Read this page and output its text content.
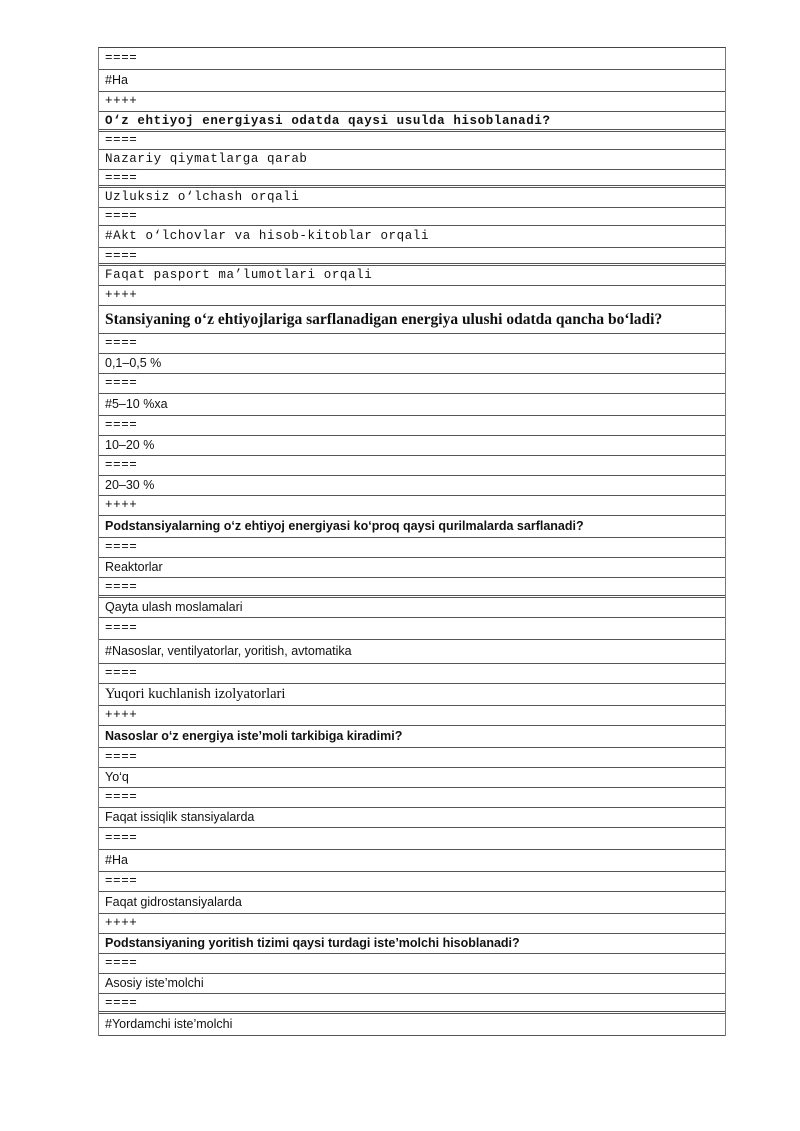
====
#Ha
++++
O‘z ehtiyoj energiyasi odatda qaysi usulda hisoblanadi?
====
Nazariy qiymatlarga qarab
====
Uzluksiz o‘lchash orqali
====
#Akt o‘lchovlar va hisob-kitoblar orqali
====
Faqat pasport ma’lumotlari orqali
++++
Stansiyaning o‘z ehtiyojlariga sarflanadigan energiya ulushi odatda qancha bo‘ladi?
====
0,1–0,5 %
====
#5–10 %xa
====
10–20 %
====
20–30 %
++++
Podstansiyalarning o‘z ehtiyoj energiyasi ko‘proq qaysi qurilmalarda sarflanadi?
====
Reaktorlar
====
Qayta ulash moslamalari
====
#Nasoslar, ventilyatorlar, yoritish, avtomatika
====
Yuqori kuchlanish izolyatorlari
++++
Nasoslar o‘z energiya iste’moli tarkibiga kiradimi?
====
Yo‘q
====
Faqat issiqlik stansiyalarda
====
#Ha
====
Faqat gidrostansiyalarda
++++
Podstansiyaning yoritish tizimi qaysi turdagi iste’molchi hisoblanadi?
====
Asosiy iste’molchi
====
#Yordamchi iste’molchi
